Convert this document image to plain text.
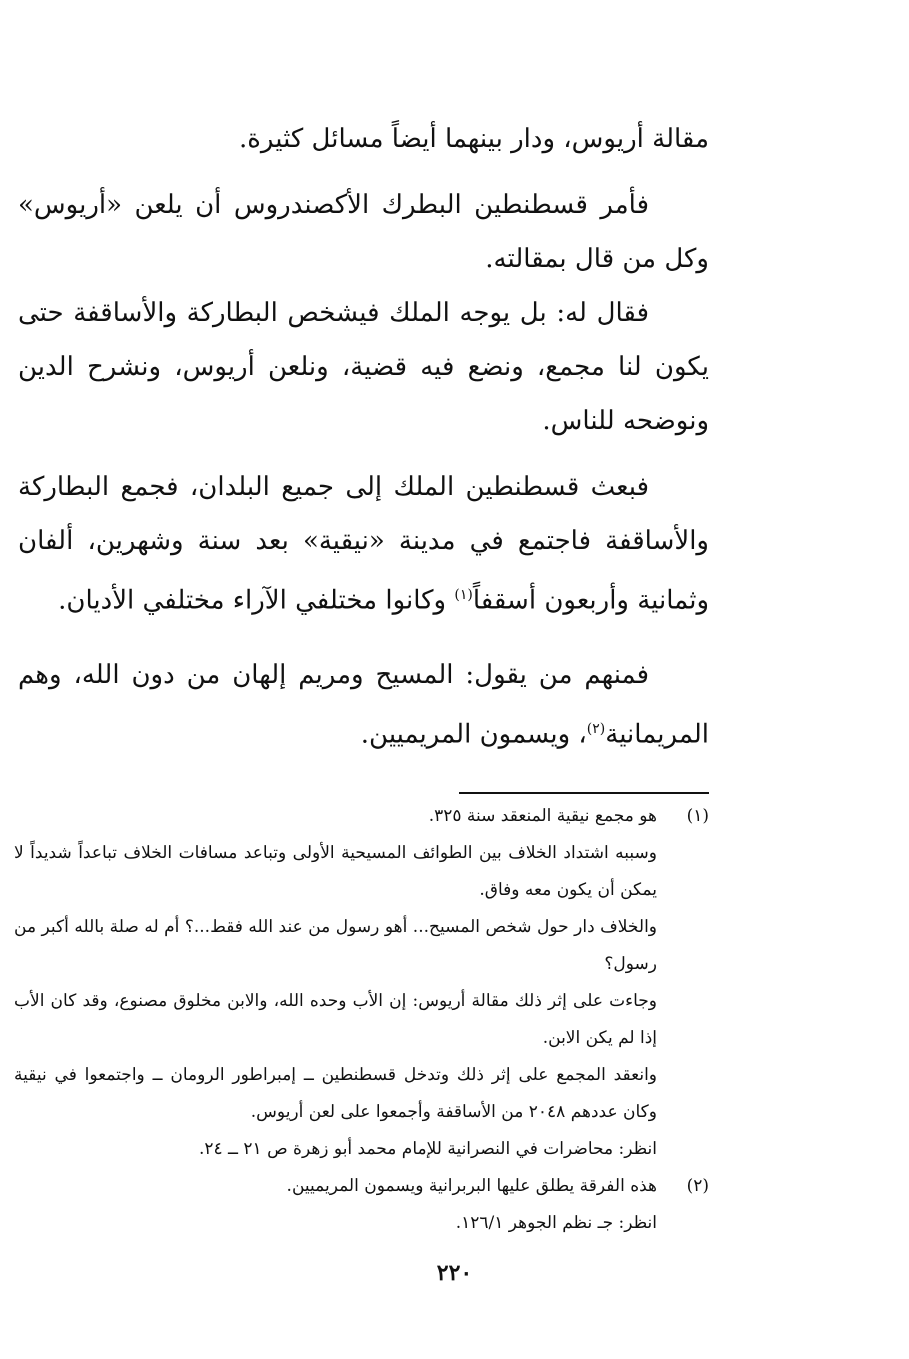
مقالة أريوس، ودار بينهما أيضاً مسائل كثيرة.

فأمر قسطنطين البطرك الأكصندروس أن يلعن «أريوس» وكل من قال بمقالته.

فقال له: بل يوجه الملك فيشخص البطاركة والأساقفة حتى يكون لنا مجمع، ونضع فيه قضية، ونلعن أريوس، ونشرح الدين ونوضحه للناس.

فبعث قسطنطين الملك إلى جميع البلدان، فجمع البطاركة والأساقفة فاجتمع في مدينة «نيقية» بعد سنة وشهرين، ألفان وثمانية وأربعون أسقفاً$^{(١)}$ وكانوا مختلفي الآراء مختلفي الأديان.

فمنهم من يقول: المسيح ومريم إلهان من دون الله، وهم المريمانية$^{(٢)}$، ويسمون المريميين.

(١)

هو مجمع نيقية المنعقد سنة ٣٢٥.

وسببه اشتداد الخلاف بين الطوائف المسيحية الأولى وتباعد مسافات الخلاف تباعداً شديداً لا يمكن أن يكون معه وفاق.

والخلاف دار حول شخص المسيح... أهو رسول من عند الله فقط...؟ أم له صلة بالله أكبر من رسول؟

وجاءت على إثر ذلك مقالة أريوس: إن الأب وحده الله، والابن مخلوق مصنوع، وقد كان الأب إذا لم يكن الابن.

وانعقد المجمع على إثر ذلك وتدخل قسطنطين ــ إمبراطور الرومان ــ واجتمعوا في نيقية وكان عددهم ٢٠٤٨ من الأساقفة وأجمعوا على لعن أريوس.

انظر: محاضرات في النصرانية للإمام محمد أبو زهرة ص ٢١ ــ ٢٤.

(٢)

هذه الفرقة يطلق عليها البربرانية ويسمون المريميين.

انظر: جـ نظم الجوهر ١٢٦/١.

٢٢٠
